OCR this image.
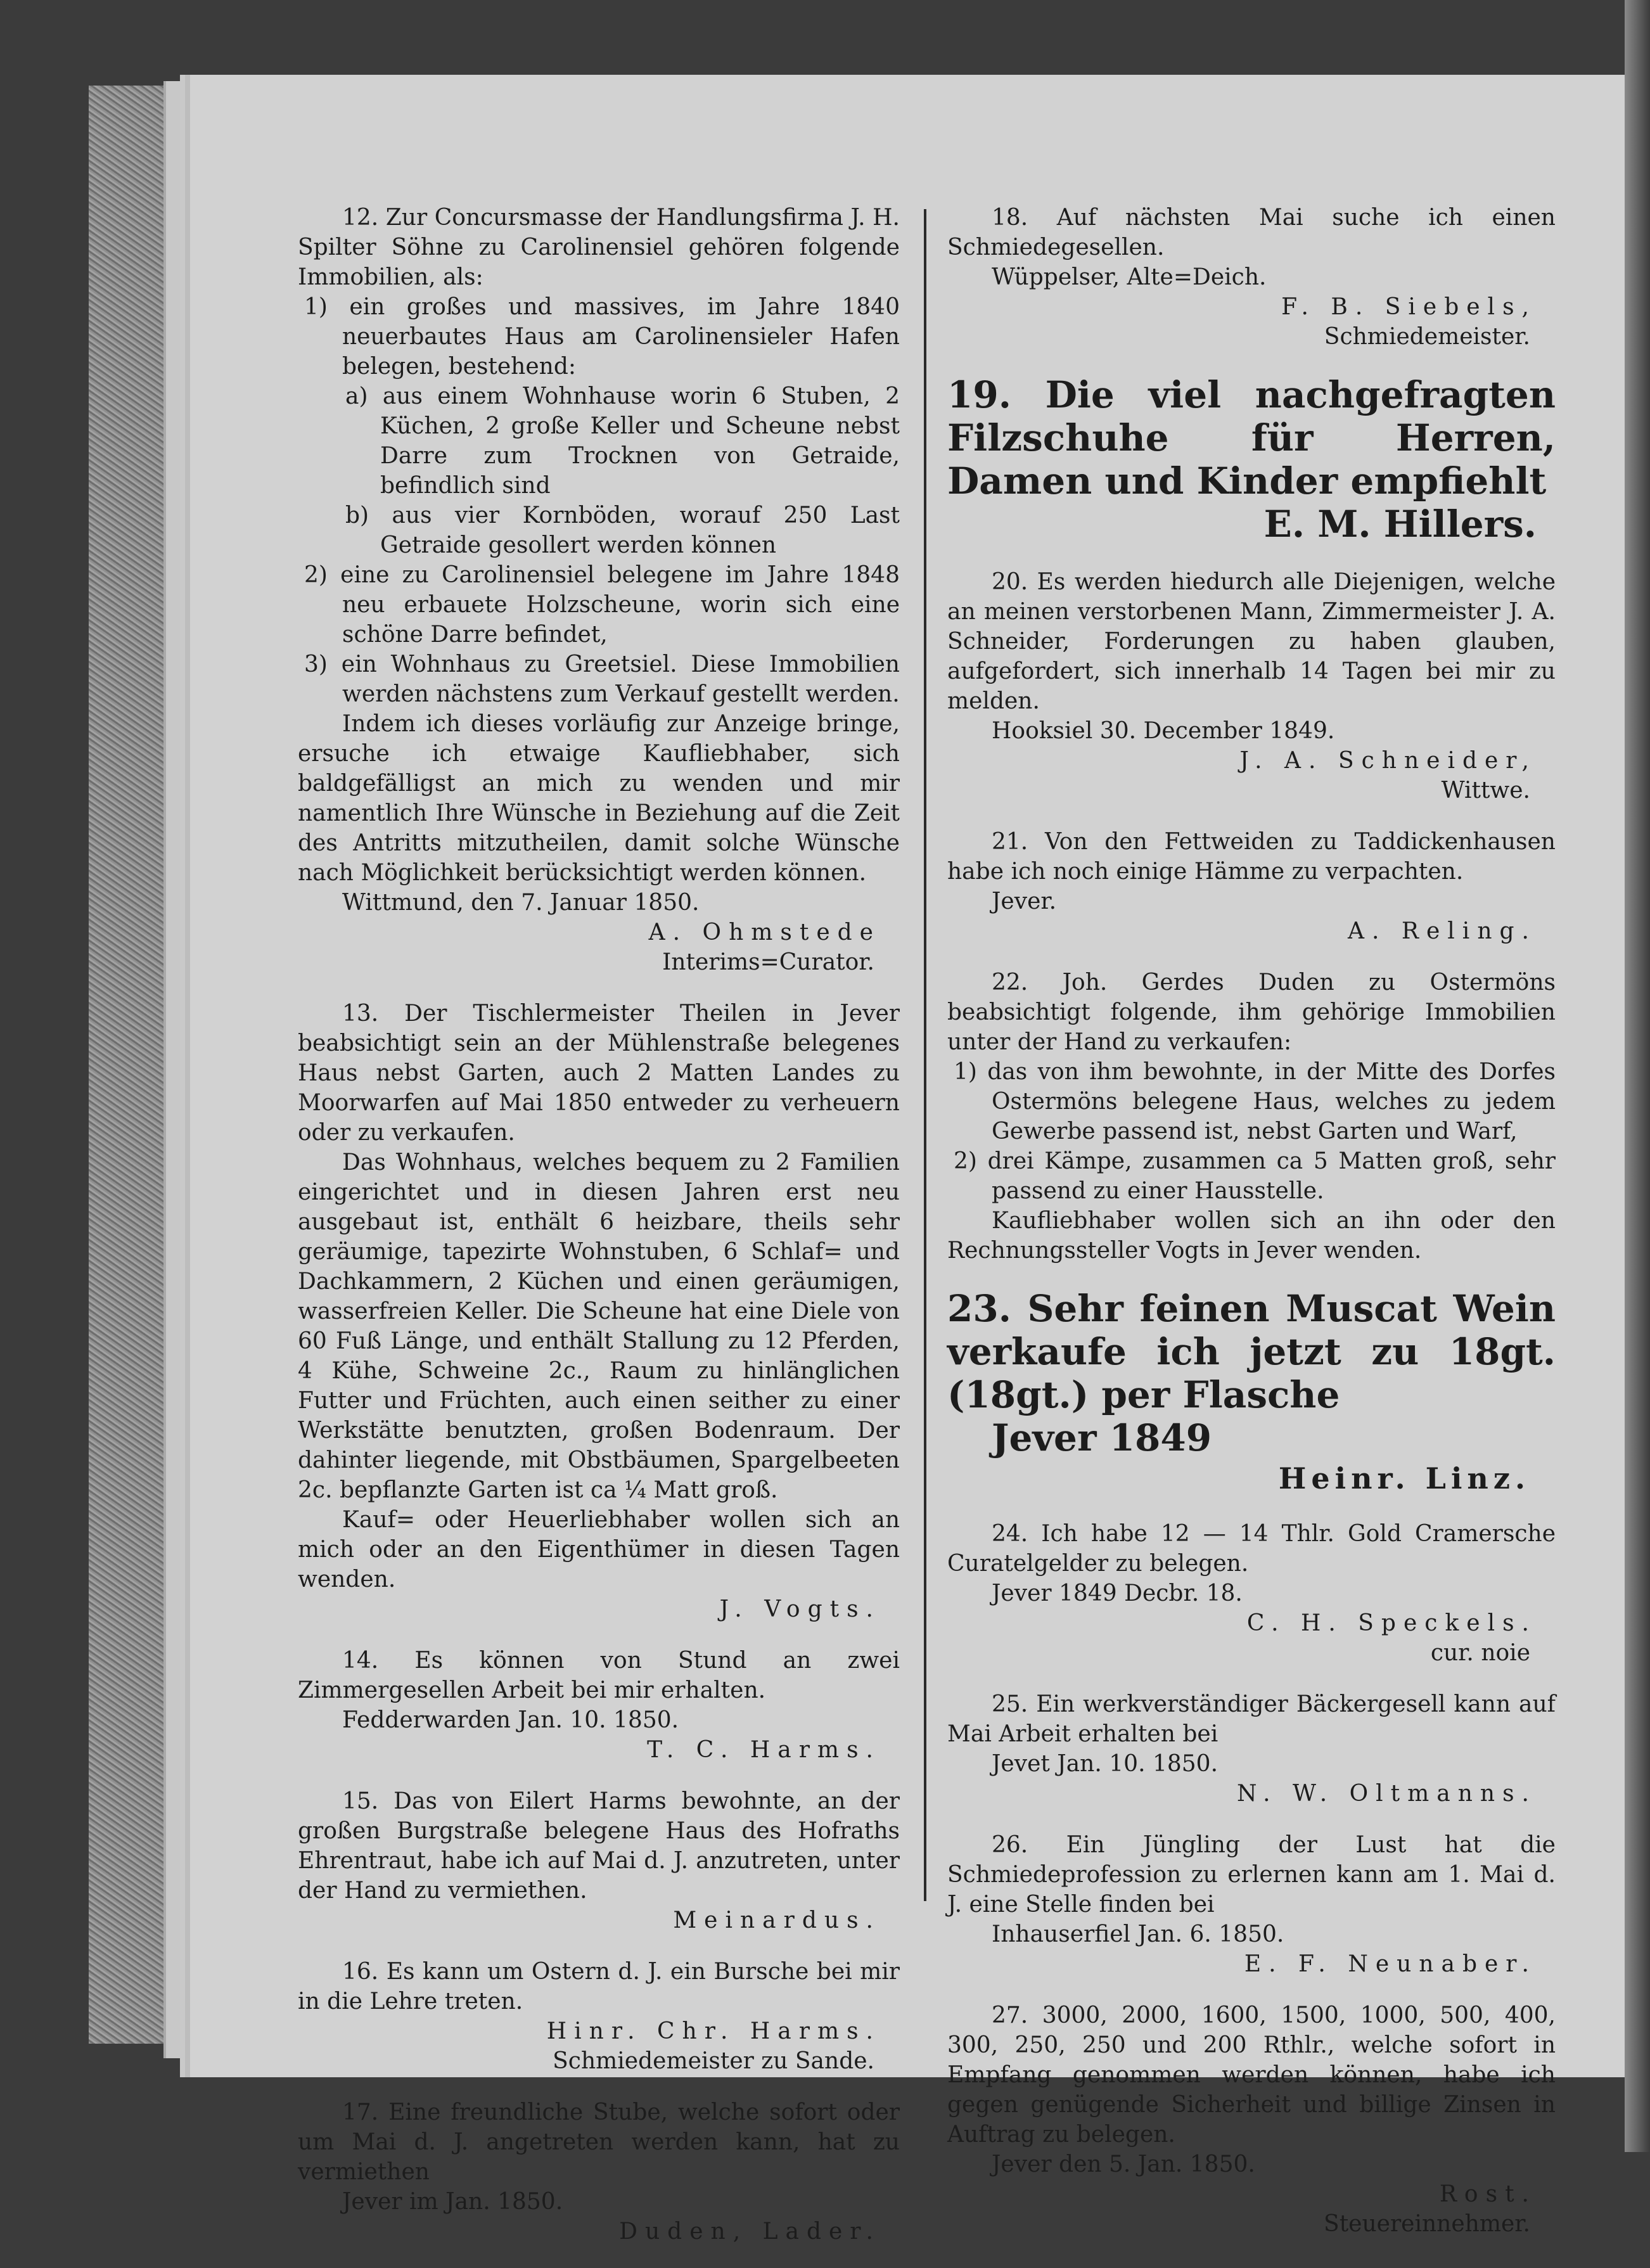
12. Zur Concursmasse der Handlungsfirma J. H. Spilter Söhne zu Carolinensiel gehören folgende Immobilien, als:

1) ein großes und massives, im Jahre 1840 neuerbautes Haus am Carolinensieler Hafen belegen, bestehend:

a) aus einem Wohnhause worin 6 Stuben, 2 Küchen, 2 große Keller und Scheune nebst Darre zum Trocknen von Getraide, befindlich sind

b) aus vier Kornböden, worauf 250 Last Getraide gesollert werden können

2) eine zu Carolinensiel belegene im Jahre 1848 neu erbauete Holzscheune, worin sich eine schöne Darre befindet,

3) ein Wohnhaus zu Greetsiel. Diese Immobilien werden nächstens zum Verkauf gestellt werden.

Indem ich dieses vorläufig zur Anzeige bringe, ersuche ich etwaige Kaufliebhaber, sich baldgefälligst an mich zu wenden und mir namentlich Ihre Wünsche in Beziehung auf die Zeit des Antritts mitzutheilen, damit solche Wünsche nach Möglichkeit berücksichtigt werden können.

Wittmund, den 7. Januar 1850.

A. Ohmstede

Interims=Curator.

13. Der Tischlermeister Theilen in Jever beabsichtigt sein an der Mühlenstraße belegenes Haus nebst Garten, auch 2 Matten Landes zu Moorwarfen auf Mai 1850 entweder zu verheuern oder zu verkaufen.

Das Wohnhaus, welches bequem zu 2 Familien eingerichtet und in diesen Jahren erst neu ausgebaut ist, enthält 6 heizbare, theils sehr geräumige, tapezirte Wohnstuben, 6 Schlaf= und Dachkammern, 2 Küchen und einen geräumigen, wasserfreien Keller. Die Scheune hat eine Diele von 60 Fuß Länge, und enthält Stallung zu 12 Pferden, 4 Kühe, Schweine 2c., Raum zu hinlänglichen Futter und Früchten, auch einen seither zu einer Werkstätte benutzten, großen Bodenraum. Der dahinter liegende, mit Obstbäumen, Spargelbeeten 2c. bepflanzte Garten ist ca ¼ Matt groß.

Kauf= oder Heuerliebhaber wollen sich an mich oder an den Eigenthümer in diesen Tagen wenden.

J. Vogts.

14. Es können von Stund an zwei Zimmergesellen Arbeit bei mir erhalten.

Fedderwarden Jan. 10. 1850.

T. C. Harms.

15. Das von Eilert Harms bewohnte, an der großen Burgstraße belegene Haus des Hofraths Ehrentraut, habe ich auf Mai d. J. anzutreten, unter der Hand zu vermiethen.

Meinardus.

16. Es kann um Ostern d. J. ein Bursche bei mir in die Lehre treten.

Hinr. Chr. Harms.

Schmiedemeister zu Sande.

17. Eine freundliche Stube, welche sofort oder um Mai d. J. angetreten werden kann, hat zu vermiethen

Jever im Jan. 1850.

Duden, Lader.

18. Auf nächsten Mai suche ich einen Schmiedegesellen.

Wüppelser, Alte=Deich.

F. B. Siebels,

Schmiedemeister.

19. Die viel nachgefragten Filzschuhe für Herren, Damen und Kinder empfiehlt

E. M. Hillers.

20. Es werden hiedurch alle Diejenigen, welche an meinen verstorbenen Mann, Zimmermeister J. A. Schneider, Forderungen zu haben glauben, aufgefordert, sich innerhalb 14 Tagen bei mir zu melden.

Hooksiel 30. December 1849.

J. A. Schneider,

Wittwe.

21. Von den Fettweiden zu Taddickenhausen habe ich noch einige Hämme zu verpachten.

Jever.

A. Reling.

22. Joh. Gerdes Duden zu Ostermöns beabsichtigt folgende, ihm gehörige Immobilien unter der Hand zu verkaufen:

1) das von ihm bewohnte, in der Mitte des Dorfes Ostermöns belegene Haus, welches zu jedem Gewerbe passend ist, nebst Garten und Warf,

2) drei Kämpe, zusammen ca 5 Matten groß, sehr passend zu einer Hausstelle.

Kaufliebhaber wollen sich an ihn oder den Rechnungssteller Vogts in Jever wenden.

23. Sehr feinen Muscat Wein verkaufe ich jetzt zu 18gt. (18gt.) per Flasche

Jever 1849

Heinr. Linz.

24. Ich habe 12 — 14 Thlr. Gold Cramersche Curatelgelder zu belegen.

Jever 1849 Decbr. 18.

C. H. Speckels.

cur. noie

25. Ein werkverständiger Bäckergesell kann auf Mai Arbeit erhalten bei

Jevet Jan. 10. 1850.

N. W. Oltmanns.

26. Ein Jüngling der Lust hat die Schmiedeprofession zu erlernen kann am 1. Mai d. J. eine Stelle finden bei

Inhauserfiel Jan. 6. 1850.

E. F. Neunaber.

27. 3000, 2000, 1600, 1500, 1000, 500, 400, 300, 250, 250 und 200 Rthlr., welche sofort in Empfang genommen werden können, habe ich gegen genügende Sicherheit und billige Zinsen in Auftrag zu belegen.

Jever den 5. Jan. 1850.

Rost.

Steuereinnehmer.
